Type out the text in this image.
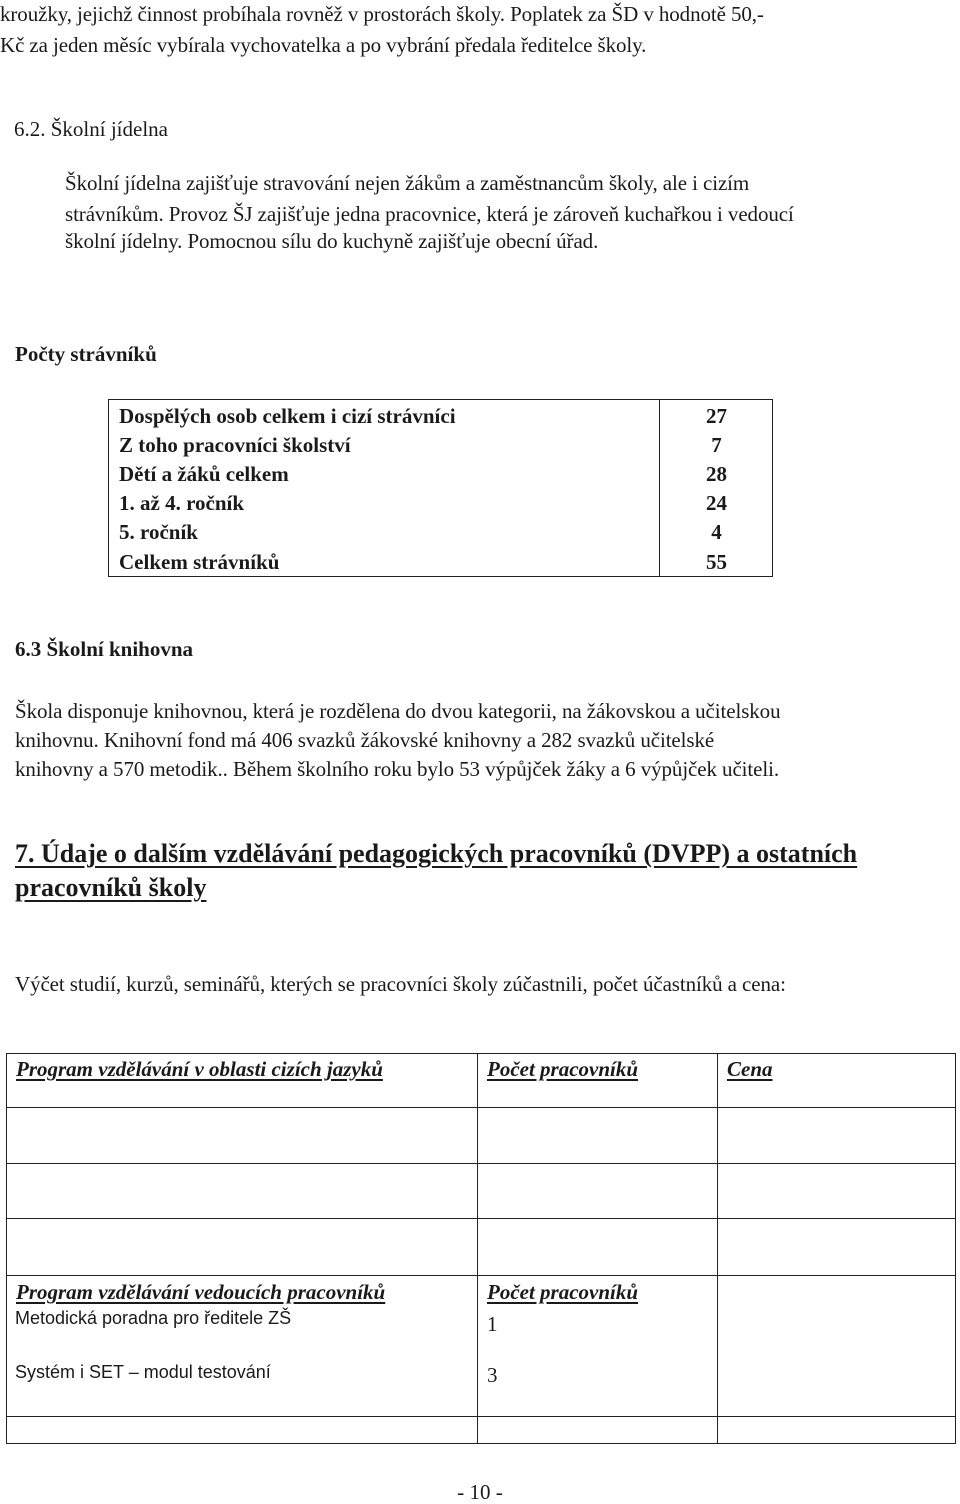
kroužky, jejichž činnost probíhala rovněž v prostorách školy. Poplatek za ŠD v hodnotě 50,-
Kč za jeden měsíc vybírala vychovatelka a po vybrání předala ředitelce školy.
6.2. Školní jídelna
Školní jídelna zajišťuje stravování nejen žákům a zaměstnancům školy, ale i cizím
strávníkům. Provoz ŠJ zajišťuje jedna pracovnice, která je zároveň kuchařkou i vedoucí
školní jídelny. Pomocnou sílu do kuchyně zajišťuje obecní úřad.
Počty strávníků
Dospělých osob celkem i cizí strávníci	27
Z toho pracovníci školství	7
Dětí a žáků celkem	28
1. až 4. ročník	24
5. ročník	4
Celkem strávníků	55
6.3 Školní knihovna
Škola disponuje knihovnou, která je rozdělena do dvou kategorii, na žákovskou a učitelskou
knihovnu. Knihovní fond má 406 svazků žákovské knihovny a 282 svazků učitelské
knihovny a 570 metodik.. Během školního roku bylo 53 výpůjček žáky a 6 výpůjček učiteli.
7. Údaje o dalším vzdělávání pedagogických pracovníků (DVPP) a ostatních
pracovníků školy
Výčet studií, kurzů, seminářů, kterých se pracovníci školy zúčastnili, počet účastníků a cena:
Program vzdělávání v oblasti cizích jazyků	Počet pracovníků	Cena
Program vzdělávání vedoucích pracovníků	Počet pracovníků
Metodická poradna pro ředitele ZŠ	1
Systém i SET – modul testování	3
- 10 -
